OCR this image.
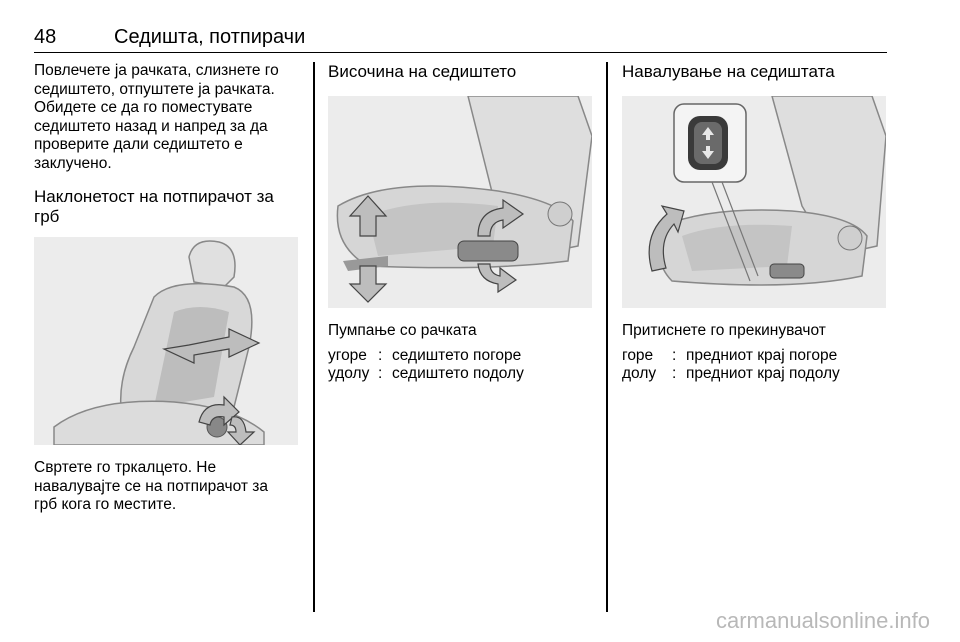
48	Седишта, потпирачи

Повлечете ја рачката, слизнете го
седиштето, отпуштете ја рачката.
Обидете се да го поместувате
седиштето назад и напред за да
проверите дали седиштето е
заклучено.

Наклонетост на потпирачот за
грб

Свртете го тркалцето. Не
навалувајте се на потпирачот за
грб кога го местите.

Височина на седиштето

Пумпање со рачката

угоре : седиштето погоре
удолу : седиштето подолу
Навалување на седиштата

Притиснете го прекинувачот

горе	: предниот крај погоре
долу	: предниот крај подолу
carmanualsonline.info
